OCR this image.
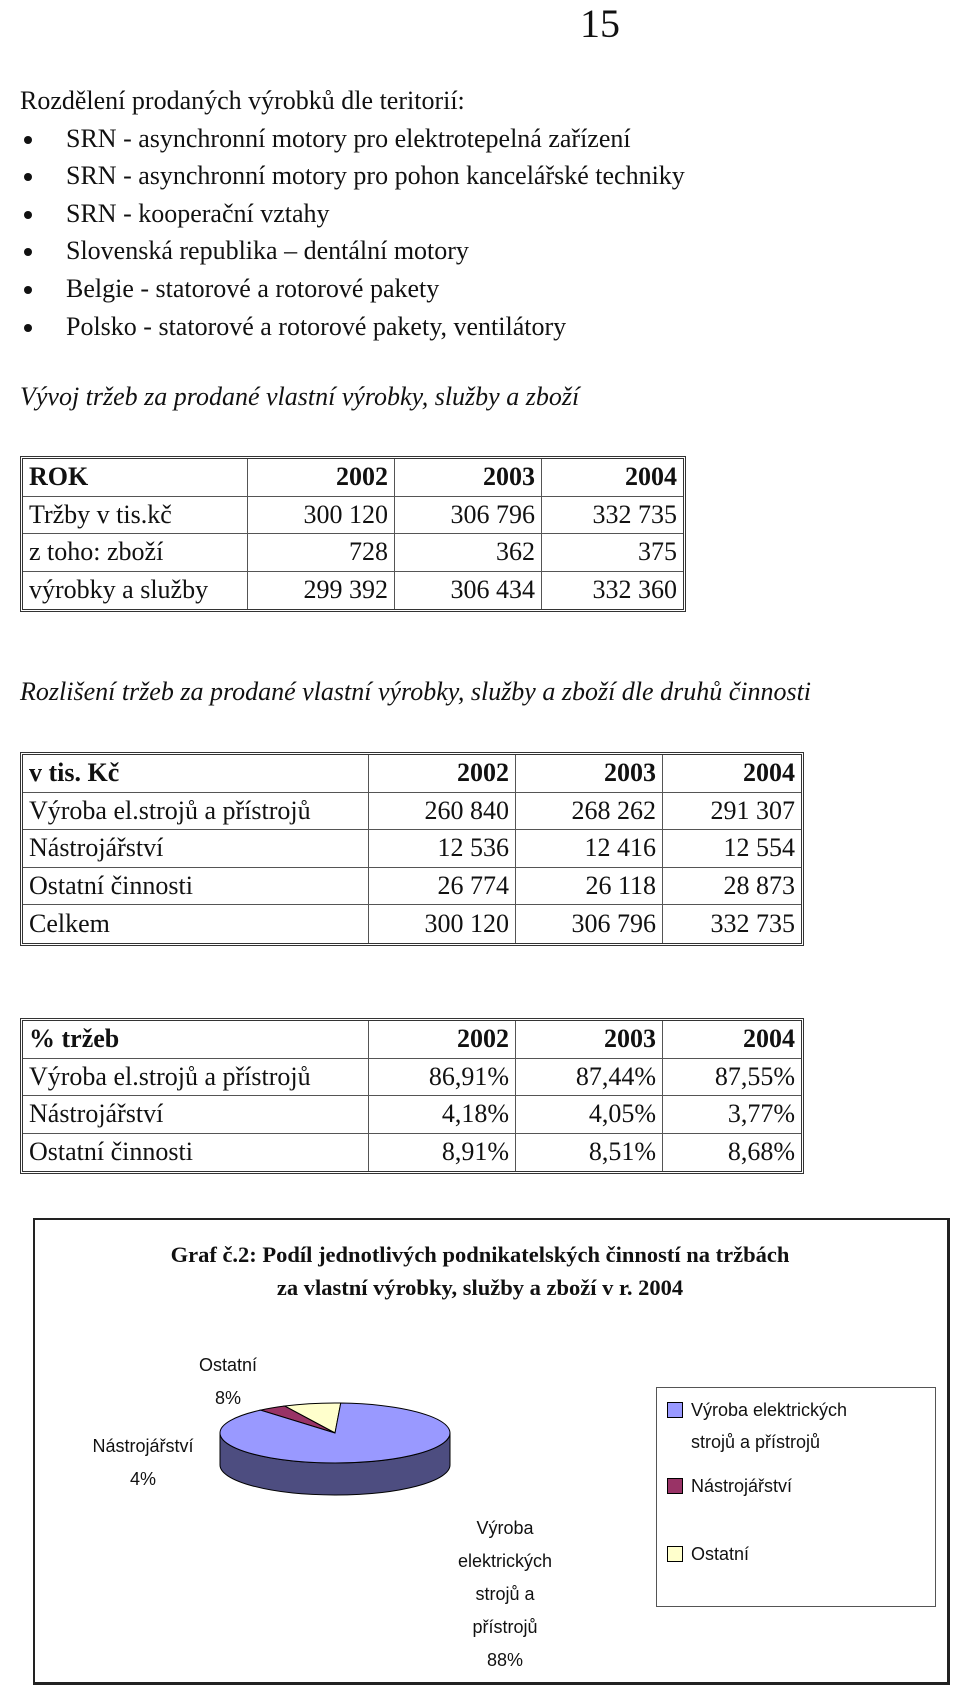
15
Rozdělení prodaných výrobků dle teritorií:
SRN - asynchronní motory pro elektrotepelná zařízení
SRN - asynchronní motory pro pohon kancelářské techniky
SRN - kooperační vztahy
Slovenská republika – dentální motory
Belgie - statorové a rotorové pakety
Polsko - statorové a rotorové pakety, ventilátory
Vývoj tržeb za prodané vlastní výrobky, služby a zboží
ROK	2002	2003	2004
Tržby v tis.kč	300 120	306 796	332 735
z toho: zboží	728	362	375
výrobky a služby	299 392	306 434	332 360
Rozlišení tržeb za prodané vlastní výrobky, služby a zboží dle druhů činnosti
v tis. Kč	2002	2003	2004
Výroba el.strojů a přístrojů	260 840	268 262	291 307
Nástrojářství	12 536	12 416	12 554
Ostatní činnosti	26 774	26 118	28 873
Celkem	300 120	306 796	332 735
% tržeb	2002	2003	2004
Výroba el.strojů a přístrojů	86,91%	87,44%	87,55%
Nástrojářství	4,18%	4,05%	3,77%
Ostatní činnosti	8,91%	8,51%	8,68%
Graf č.2: Podíl jednotlivých podnikatelských činností na tržbách
za vlastní výrobky, služby a zboží v r. 2004
Ostatní
8%
Nástrojářství
4%
Výroba
elektrických
strojů a
přístrojů
88%
Výroba elektrických
strojů a přístrojů
Nástrojářství
Ostatní
